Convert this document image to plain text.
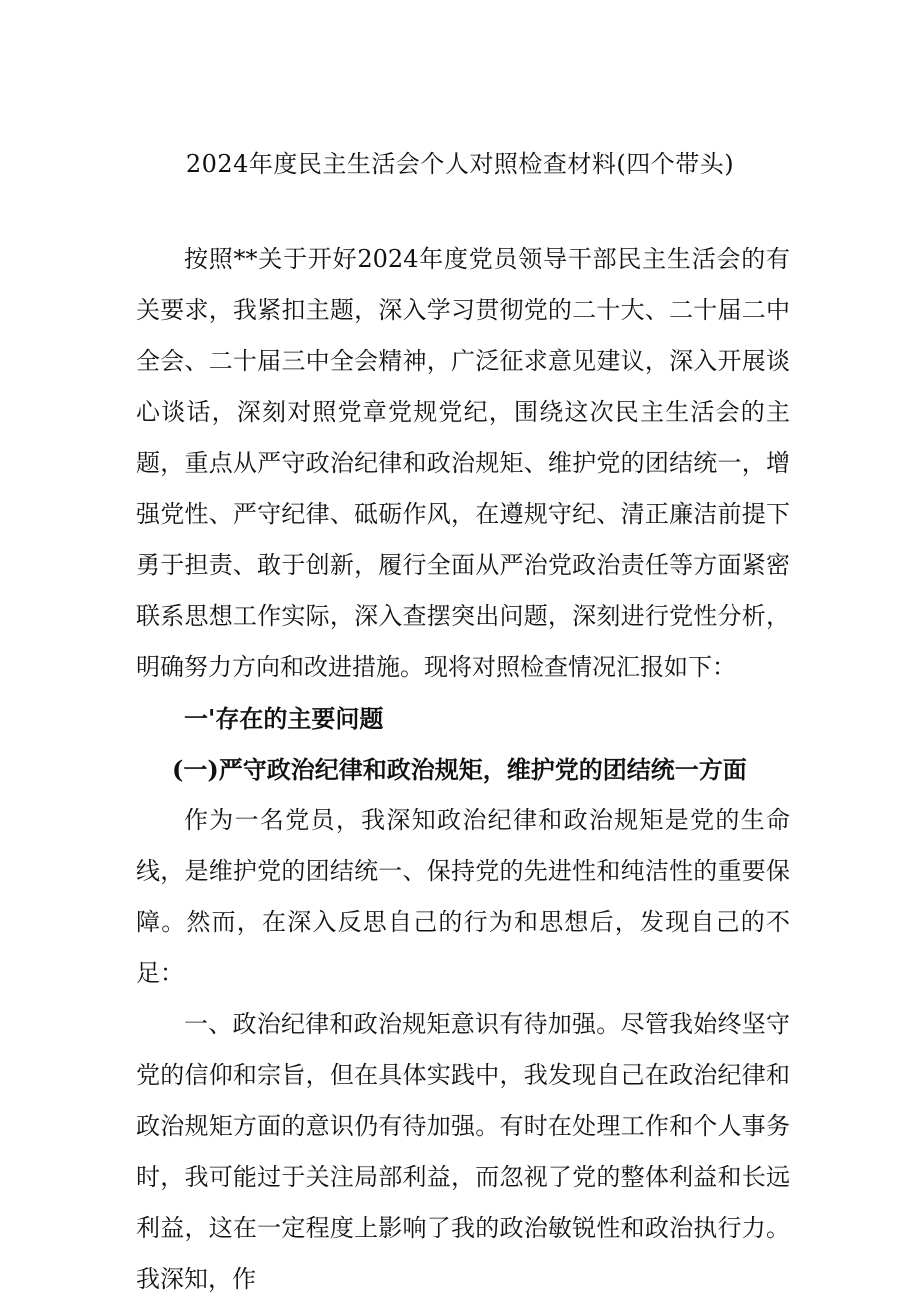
2024年度民主生活会个人对照检查材料(四个带头)

按照**关于开好2024年度党员领导干部民主生活会的有关要求，我紧扣主题，深入学习贯彻党的二十大、二十届二中全会、二十届三中全会精神，广泛征求意见建议，深入开展谈心谈话，深刻对照党章党规党纪，围绕这次民主生活会的主题，重点从严守政治纪律和政治规矩、维护党的团结统一，增强党性、严守纪律、砥砺作风，在遵规守纪、清正廉洁前提下勇于担责、敢于创新，履行全面从严治党政治责任等方面紧密联系思想工作实际，深入查摆突出问题，深刻进行党性分析，明确努力方向和改进措施。现将对照检查情况汇报如下：

一'存在的主要问题

(一)严守政治纪律和政治规矩，维护党的团结统一方面

作为一名党员，我深知政治纪律和政治规矩是党的生命线，是维护党的团结统一、保持党的先进性和纯洁性的重要保障。然而，在深入反思自己的行为和思想后，发现自己的不足：

一、政治纪律和政治规矩意识有待加强。尽管我始终坚守党的信仰和宗旨，但在具体实践中，我发现自己在政治纪律和政治规矩方面的意识仍有待加强。有时在处理工作和个人事务时，我可能过于关注局部利益，而忽视了党的整体利益和长远利益，这在一定程度上影响了我的政治敏锐性和政治执行力。我深知，作
